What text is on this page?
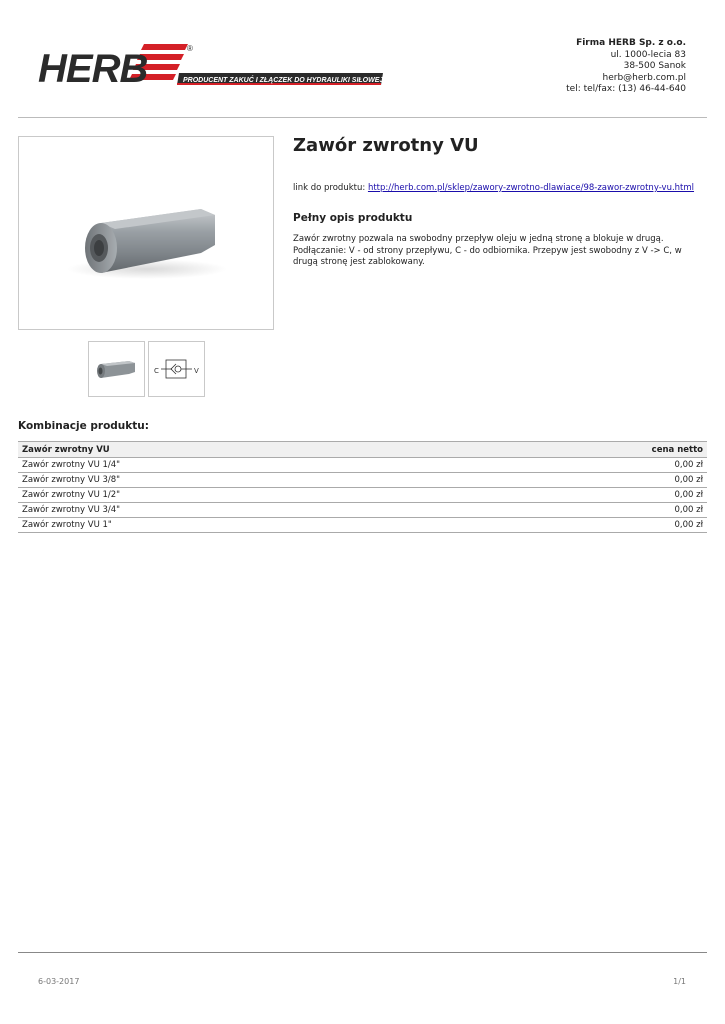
HERB	®
PRODUCENT ZAKUĆ I ZŁĄCZEK DO HYDRAULIKI SIŁOWEJ
Firma HERB Sp. z o.o.
ul. 1000-lecia 83
38-500 Sanok
herb@herb.com.pl
tel: tel/fax: (13) 46-44-640
C	V
Zawór zwrotny VU
link do produktu: http://herb.com.pl/sklep/zawory-zwrotno-dlawiace/98-zawor-zwrotny-vu.html
Pełny opis produktu

Zawór zwrotny pozwala na swobodny przepływ oleju w jedną stronę a blokuje w drugą. Podłączanie: V - od strony przepływu, C - do odbiornika. Przepyw jest swobodny z V -> C, w drugą stronę jest zablokowany.

Kombinacje produktu:
Zawór zwrotny VU	cena netto
Zawór zwrotny VU 1/4"	0,00 zł
Zawór zwrotny VU 3/8"	0,00 zł
Zawór zwrotny VU 1/2"	0,00 zł
Zawór zwrotny VU 3/4"	0,00 zł
Zawór zwrotny VU 1"	0,00 zł
6-03-2017	1/1
